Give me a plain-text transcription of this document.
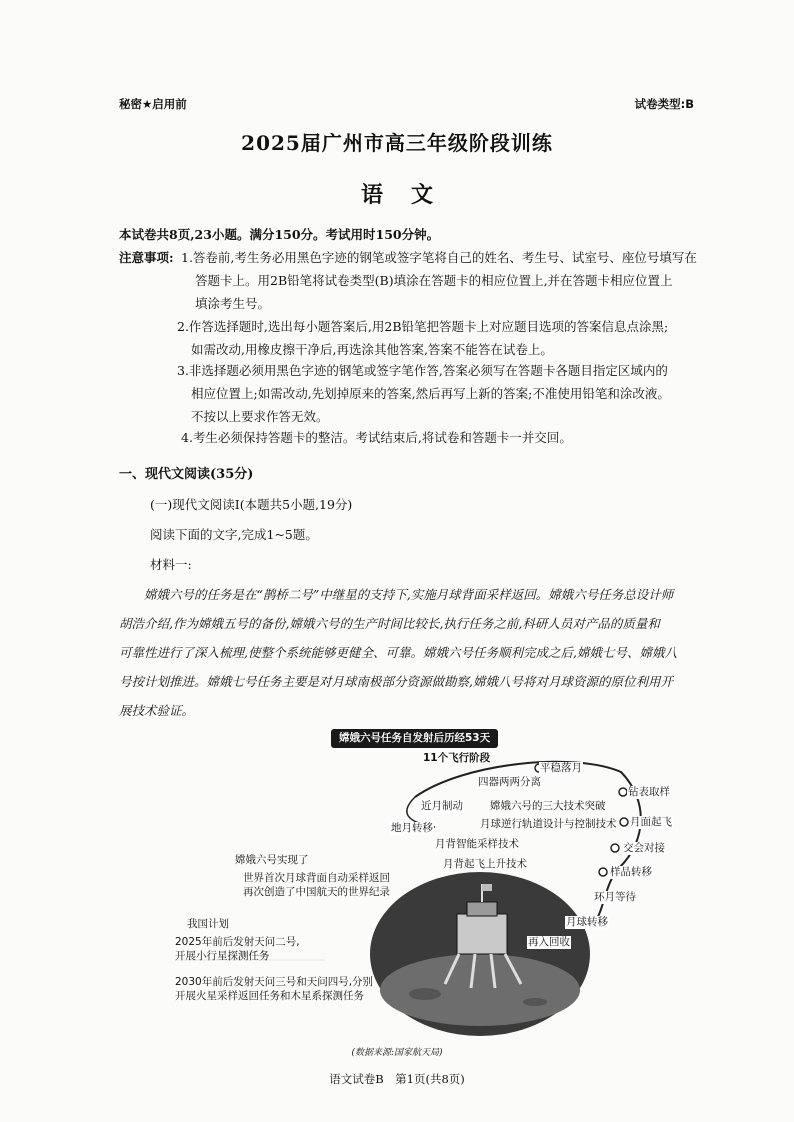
秘密★启用前	试卷类型:B
2025届广州市高三年级阶段训练
语文
本试卷共8页,23小题。满分150分。考试用时150分钟。
注意事项: 1.答卷前,考生务必用黑色字迹的钢笔或签字笔将自己的姓名、考生号、试室号、座位号填写在
答题卡上。用2B铅笔将试卷类型(B)填涂在答题卡的相应位置上,并在答题卡相应位置上
填涂考生号。
2.作答选择题时,选出每小题答案后,用2B铅笔把答题卡上对应题目选项的答案信息点涂黑;
如需改动,用橡皮擦干净后,再选涂其他答案,答案不能答在试卷上。
3.非选择题必须用黑色字迹的钢笔或签字笔作答,答案必须写在答题卡各题目指定区域内的
相应位置上;如需改动,先划掉原来的答案,然后再写上新的答案;不准使用铅笔和涂改液。
不按以上要求作答无效。
4.考生必须保持答题卡的整洁。考试结束后,将试卷和答题卡一并交回。
一、现代文阅读(35分)
(一)现代文阅读Ⅰ(本题共5小题,19分)
阅读下面的文字,完成1~5题。
材料一:
　　嫦娥六号的任务是在“鹊桥二号”中继星的支持下,实施月球背面采样返回。嫦娥六号任务总设计师
胡浩介绍,作为嫦娥五号的备份,嫦娥六号的生产时间比较长,执行任务之前,科研人员对产品的质量和
可靠性进行了深入梳理,使整个系统能够更健全、可靠。嫦娥六号任务顺利完成之后,嫦娥七号、嫦娥八
号按计划推进。嫦娥七号任务主要是对月球南极部分资源做勘察,嫦娥八号将对月球资源的原位利用开
展技术验证。
嫦娥六号任务自发射后历经53天
11个飞行阶段
四器两两分离
近月制动
地月转移
平稳落月
钻表取样
月面起飞
交会对接
样品转移
环月等待
月球转移
再入回收
嫦娥六号的三大技术突破
月球逆行轨道设计与控制技术
月背智能采样技术
月背起飞上升技术
嫦娥六号实现了
世界首次月球背面自动采样返回
再次创造了中国航天的世界纪录
我国计划
2025年前后发射天问二号,
开展小行星探测任务
2030年前后发射天问三号和天问四号,分别
开展火星采样返回任务和木星系探测任务
(数据来源:国家航天局)
语文试卷B　第1页(共8页)
